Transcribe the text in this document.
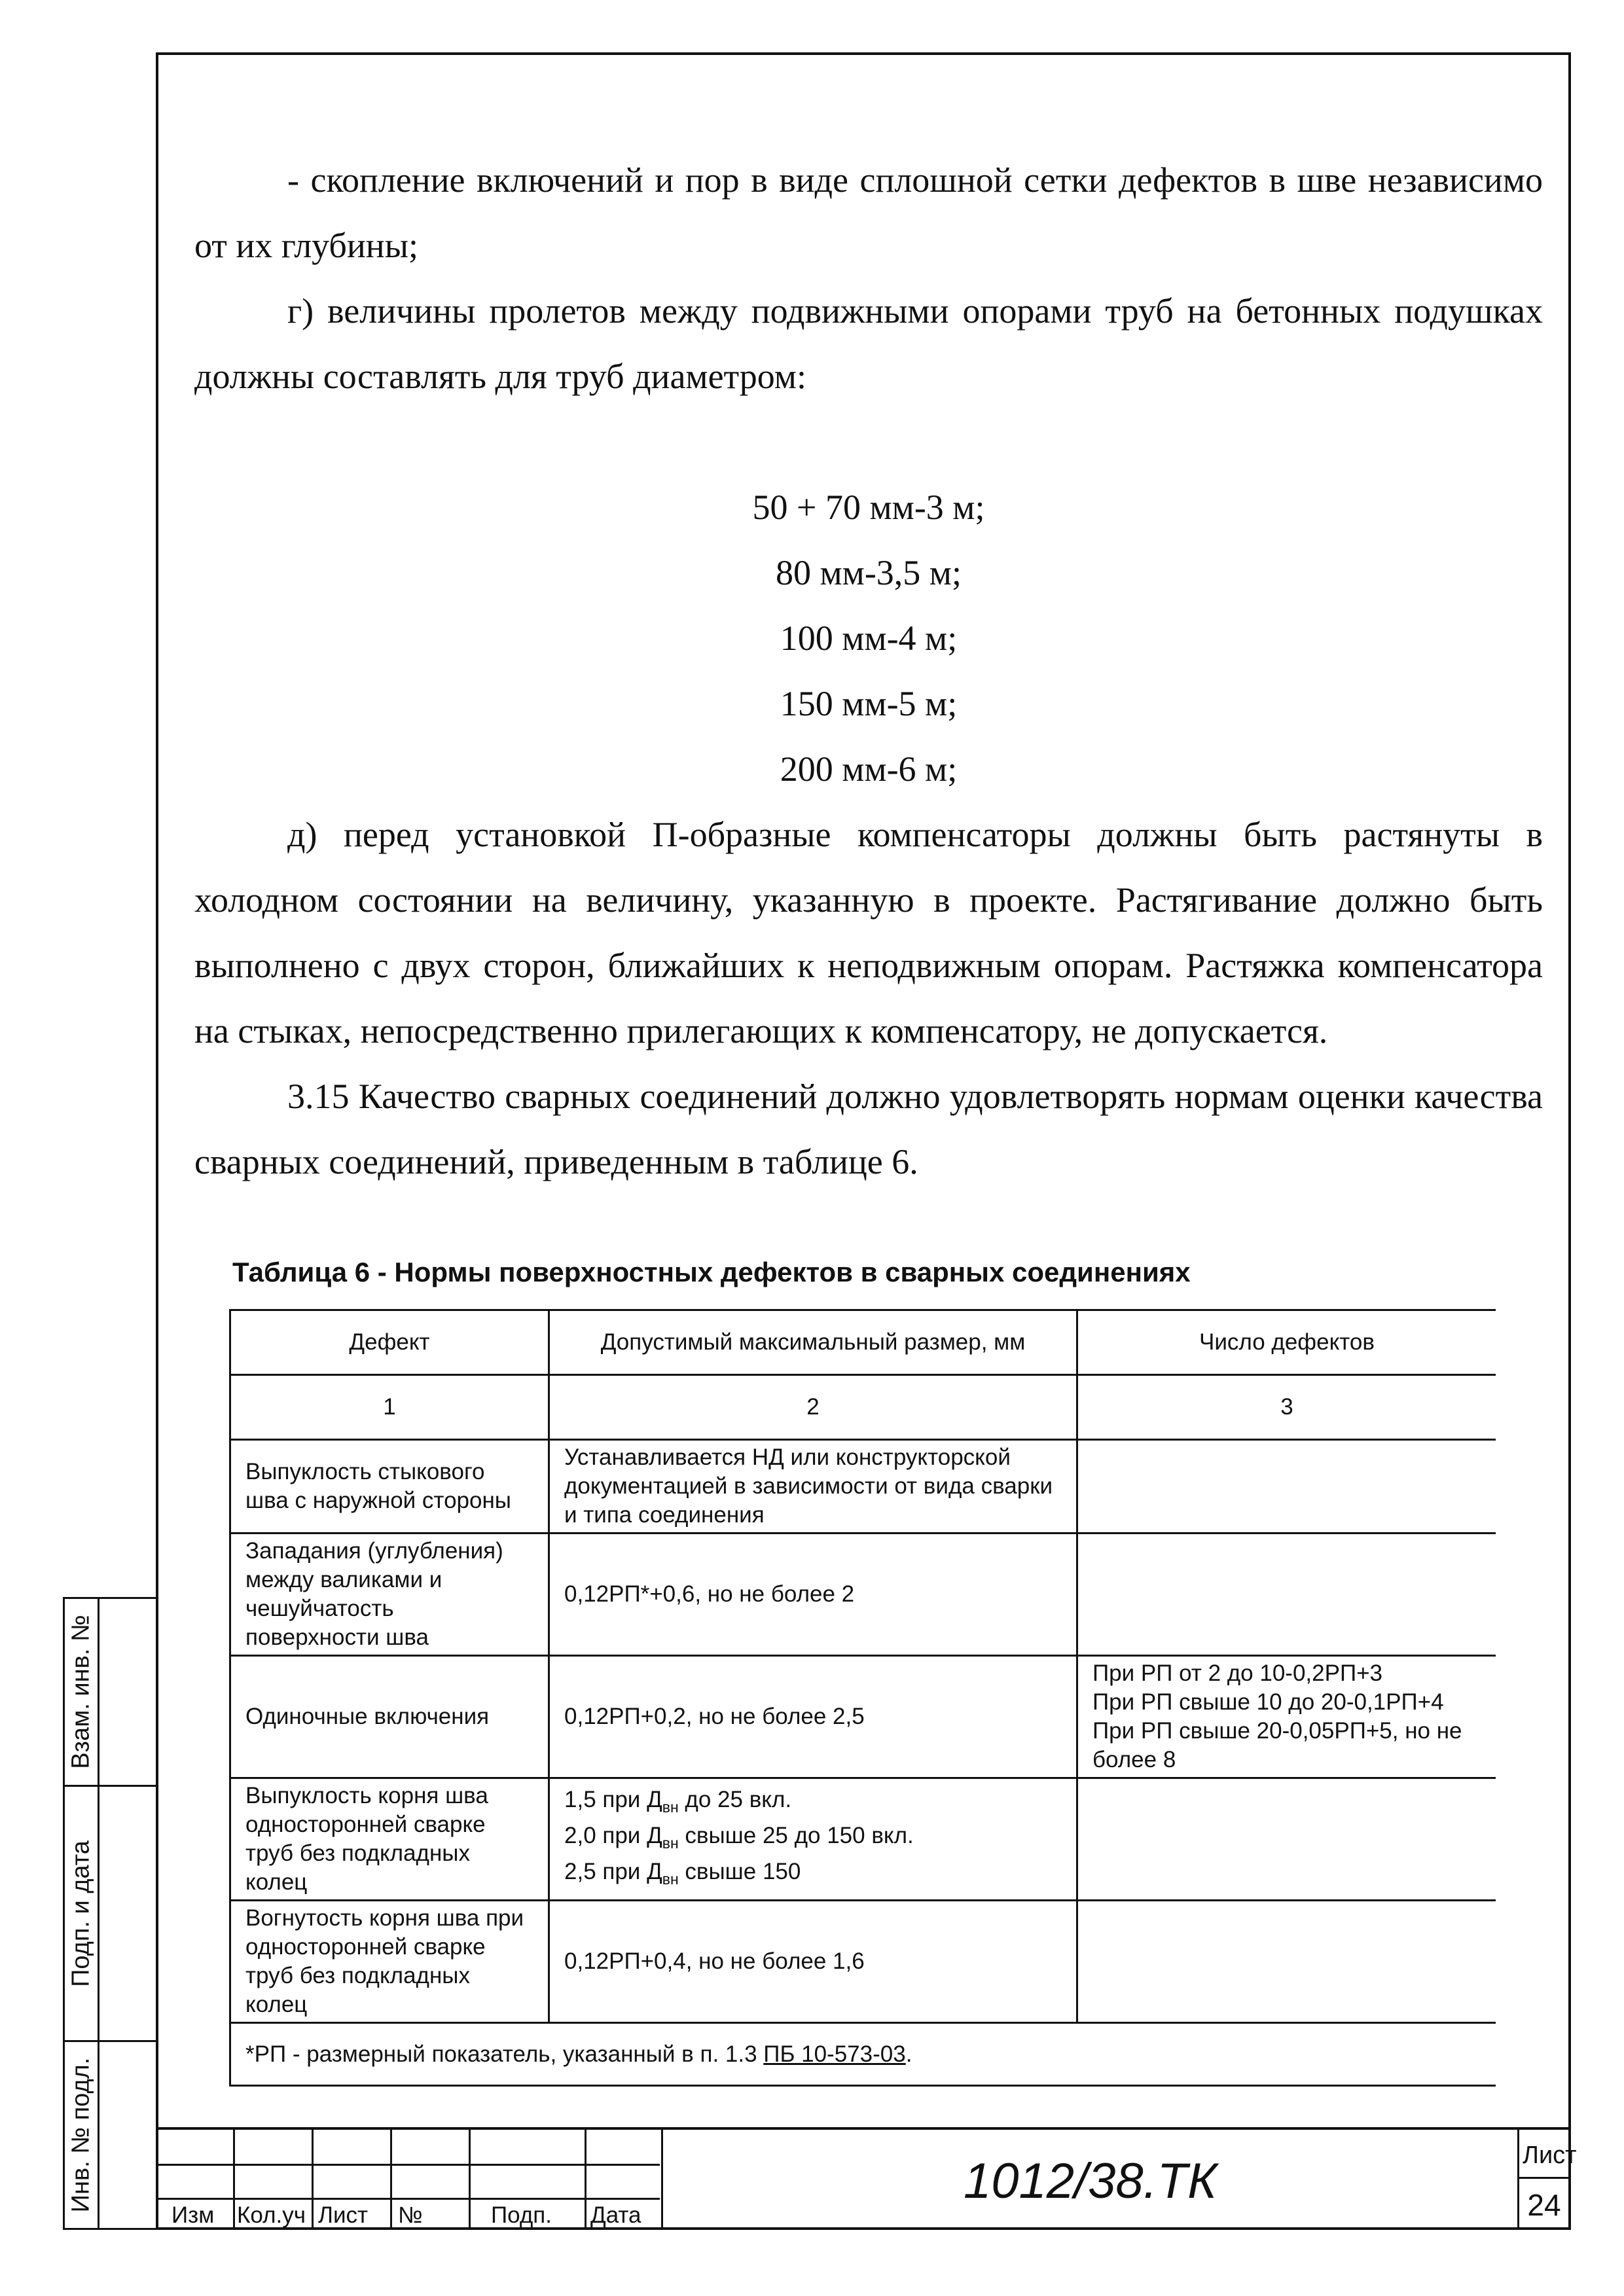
- скопление включений и пор в виде сплошной сетки дефектов в шве независимо от их глубины;

г) величины пролетов между подвижными опорами труб на бетонных подушках должны составлять для труб диаметром:

50 + 70 мм-3 м;

80 мм-3,5 м;

100 мм-4 м;

150 мм-5 м;

200 мм-6 м;

д) перед установкой П-образные компенсаторы должны быть растянуты в холодном состоянии на величину, указанную в проекте. Растягивание должно быть выполнено с двух сторон, ближайших к неподвижным опорам. Растяжка компенсатора на стыках, непосредственно прилегающих к компенсатору, не допускается.

3.15 Качество сварных соединений должно удовлетворять нормам оценки качества сварных соединений, приведенным в таблице 6.

Таблица 6 - Нормы поверхностных дефектов в сварных соединениях
Дефект	Допустимый максимальный размер, мм	Число дефектов
1	2	3
Выпуклость стыкового шва с наружной стороны	Устанавливается НД или конструкторской документацией в зависимости от вида сварки и типа соединения	
Западания (углубления) между валиками и чешуйчатость поверхности шва	0,12РП*+0,6, но не более 2	
Одиночные включения	0,12РП+0,2, но не более 2,5	При РП от 2 до 10-0,2РП+3
При РП свыше 10 до 20-0,1РП+4
При РП свыше 20-0,05РП+5, но не более 8

Выпуклость корня шва односторонней сварке труб без подкладных колец	1,5 при $Д_{вн}$ до 25 вкл.
2,0 при $Д_{вн}$ свыше 25 до 150 вкл.
2,5 при $Д_{вн}$ свыше 150	

Вогнутость корня шва при односторонней сварке труб без подкладных колец	0,12РП+0,4, но не более 1,6	
*РП - размерный показатель, указанный в п. 1.3 ПБ 10-573-03.		
Взам. инв. №
Подп. и дата
Инв. № подл.
Изм Кол.уч Лист №	Подп. Дата
1012/38.ТК	Лист
24
